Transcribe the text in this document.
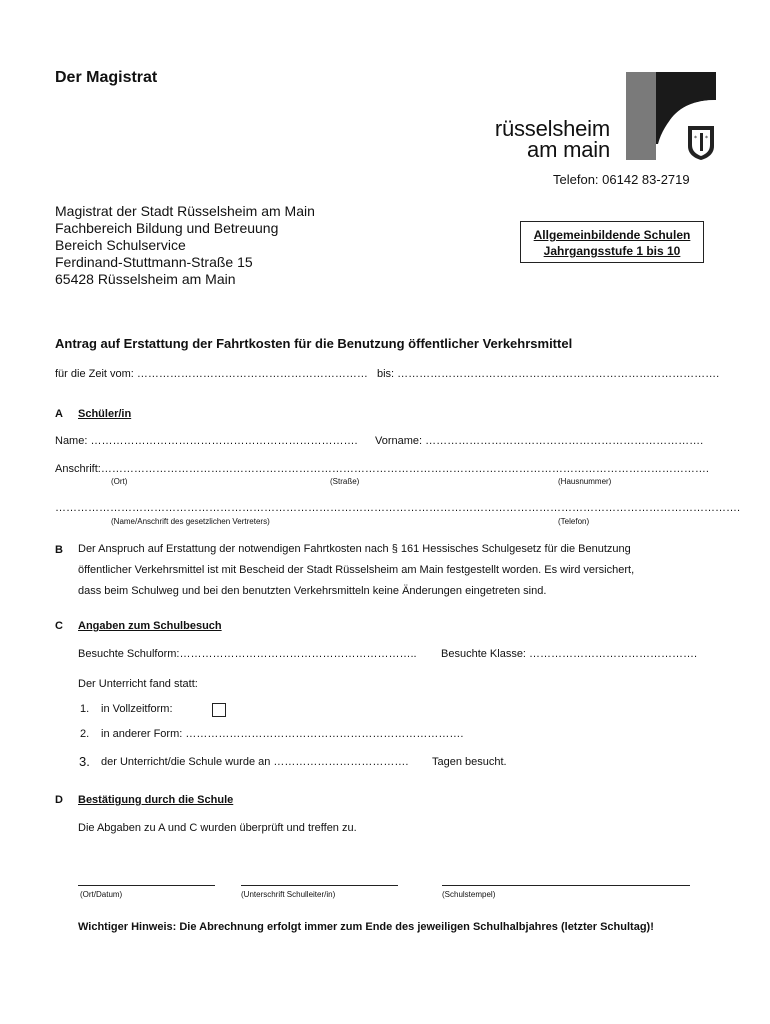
Der Magistrat
* *
rüsselsheim
am main
Telefon: 06142 83-2719
Magistrat der Stadt Rüsselsheim am Main
Fachbereich Bildung und Betreuung
Bereich Schulservice
Ferdinand-Stuttmann-Straße 15
65428 Rüsselsheim am Main
Allgemeinbildende Schulen
Jahrgangsstufe 1 bis 10
Antrag auf Erstattung der Fahrtkosten für die Benutzung öffentlicher Verkehrsmittel
für die Zeit vom: ……………………………………………………… bis: …………………………………………………………………………….
A Schüler/in
Name: ………………………………………………………………. Vorname: ………………………………………………………………….
Anschrift:………………………………………………………………………………………………………………………………………………….
(Ort)	(Straße)	(Hausnummer)
…………………………………………………………………………………………………………………………………………………………………….
(Name/Anschrift des gesetzlichen Vertreters)	(Telefon)
B Der Anspruch auf Erstattung der notwendigen Fahrtkosten nach § 161 Hessisches Schulgesetz für die Benutzung
öffentlicher Verkehrsmittel ist mit Bescheid der Stadt Rüsselsheim am Main festgestellt worden. Es wird versichert,
dass beim Schulweg und bei den benutzten Verkehrsmitteln keine Änderungen eingetreten sind.
C Angaben zum Schulbesuch
Besuchte Schulform:……………………………………………………….. Besuchte Klasse: ……………………………………….
Der Unterricht fand statt:
1. in Vollzeitform:
2. in anderer Form: ………………………………………………………………….
3. der Unterricht/die Schule wurde an ………………………………. Tagen besucht.
D Bestätigung durch die Schule
Die Abgaben zu A und C wurden überprüft und treffen zu.
(Ort/Datum)	(Unterschrift Schulleiter/in)	(Schulstempel)
Wichtiger Hinweis: Die Abrechnung erfolgt immer zum Ende des jeweiligen Schulhalbjahres (letzter Schultag)!
